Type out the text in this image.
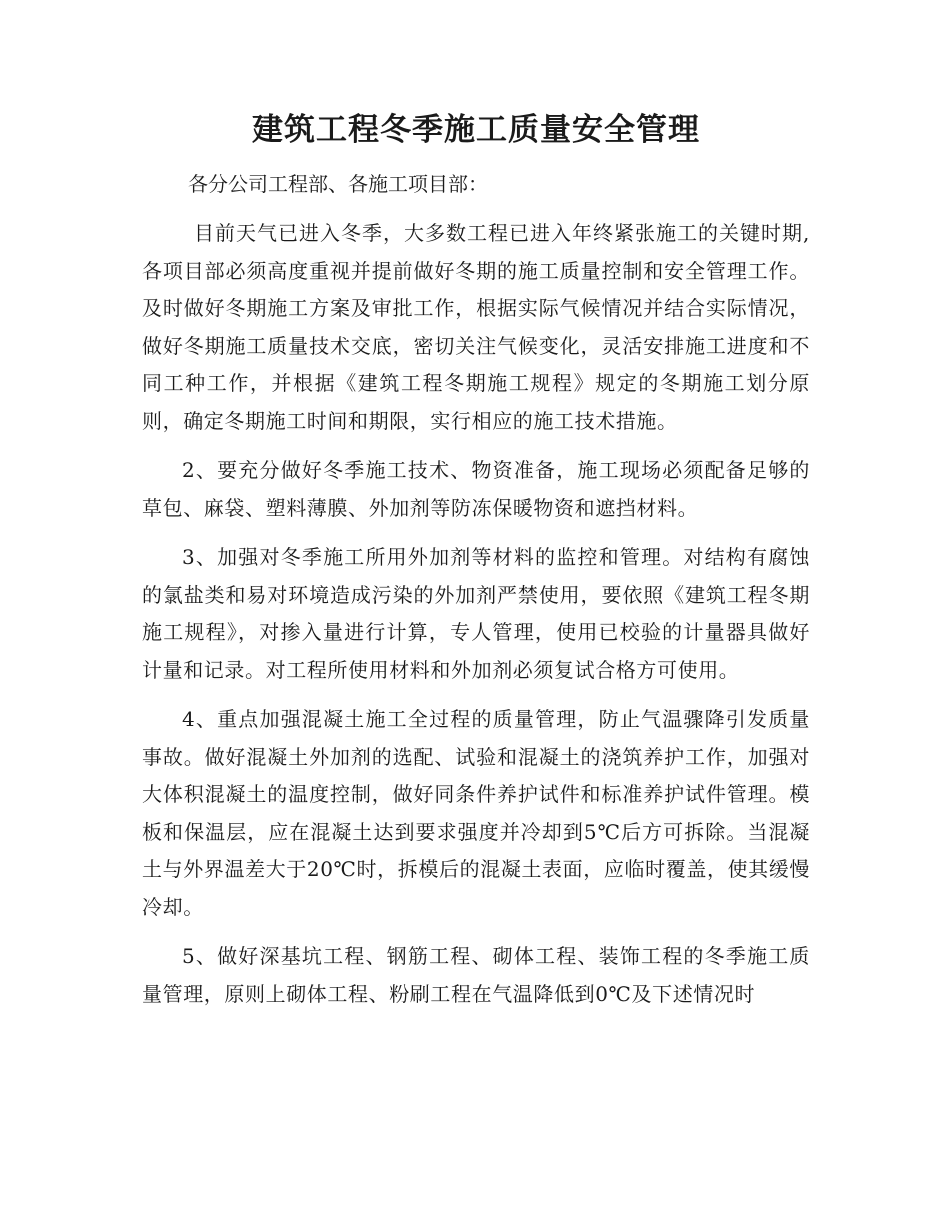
建筑工程冬季施工质量安全管理

各分公司工程部、各施工项目部：

目前天气已进入冬季，大多数工程已进入年终紧张施工的关键时期,各项目部必须高度重视并提前做好冬期的施工质量控制和安全管理工作。及时做好冬期施工方案及审批工作，根据实际气候情况并结合实际情况，做好冬期施工质量技术交底，密切关注气候变化，灵活安排施工进度和不同工种工作，并根据《建筑工程冬期施工规程》规定的冬期施工划分原则，确定冬期施工时间和期限，实行相应的施工技术措施。

2、要充分做好冬季施工技术、物资准备，施工现场必须配备足够的草包、麻袋、塑料薄膜、外加剂等防冻保暖物资和遮挡材料。

3、加强对冬季施工所用外加剂等材料的监控和管理。对结构有腐蚀的氯盐类和易对环境造成污染的外加剂严禁使用，要依照《建筑工程冬期施工规程》，对掺入量进行计算，专人管理，使用已校验的计量器具做好计量和记录。对工程所使用材料和外加剂必须复试合格方可使用。

4、重点加强混凝土施工全过程的质量管理，防止气温骤降引发质量事故。做好混凝土外加剂的选配、试验和混凝土的浇筑养护工作，加强对大体积混凝土的温度控制，做好同条件养护试件和标准养护试件管理。模板和保温层，应在混凝土达到要求强度并冷却到5℃后方可拆除。当混凝土与外界温差大于20℃时，拆模后的混凝土表面，应临时覆盖，使其缓慢冷却。

5、做好深基坑工程、钢筋工程、砌体工程、装饰工程的冬季施工质量管理，原则上砌体工程、粉刷工程在气温降低到0℃及下述情况时
